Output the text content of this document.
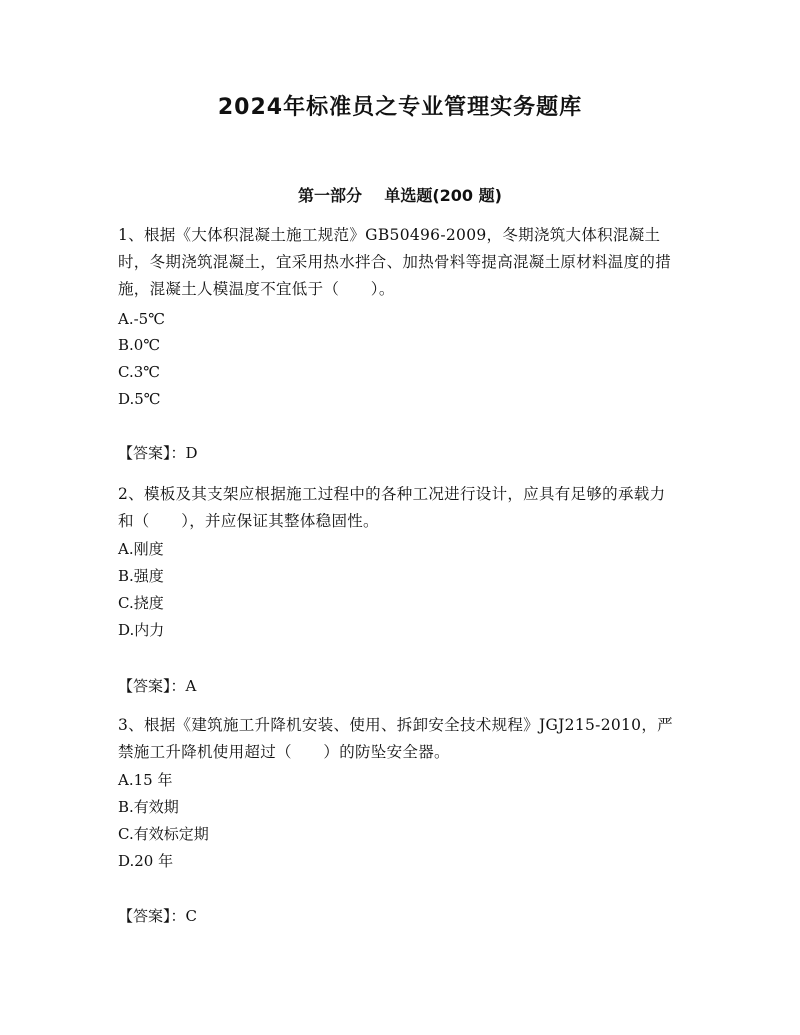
2024年标准员之专业管理实务题库
第一部分    单选题(200 题)
1、根据《大体积混凝土施工规范》GB50496-2009，冬期浇筑大体积混凝土时，冬期浇筑混凝土，宜采用热水拌合、加热骨料等提高混凝土原材料温度的措施，混凝土人模温度不宜低于（　　）。
A.-5℃
B.0℃
C.3℃
D.5℃
【答案】：D
2、模板及其支架应根据施工过程中的各种工况进行设计，应具有足够的承载力和（　　），并应保证其整体稳固性。
A.刚度
B.强度
C.挠度
D.内力
【答案】：A
3、根据《建筑施工升降机安装、使用、拆卸安全技术规程》JGJ215-2010，严禁施工升降机使用超过（　　）的防坠安全器。
A.15 年
B.有效期
C.有效标定期
D.20 年
【答案】：C
